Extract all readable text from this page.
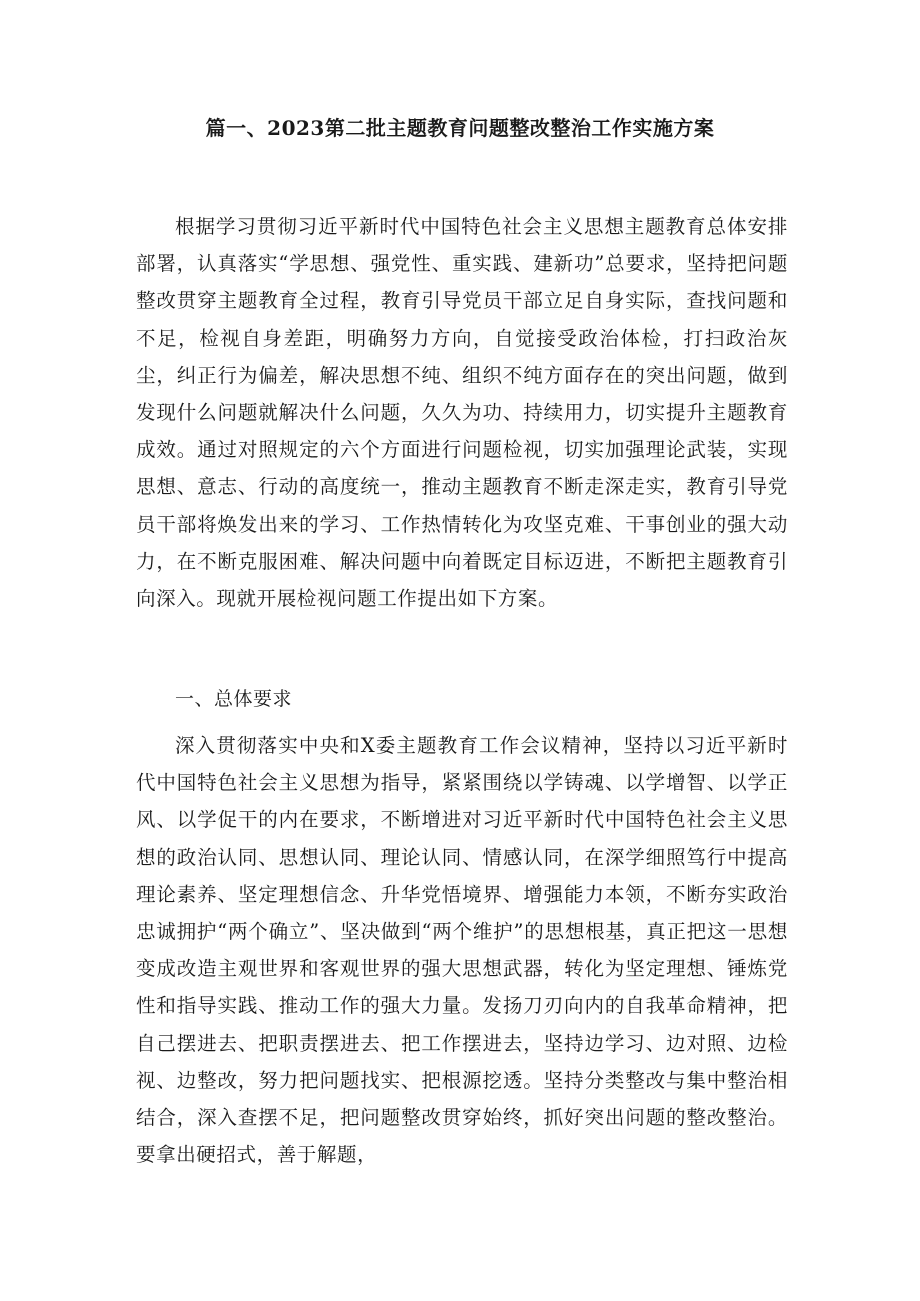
篇一、2023第二批主题教育问题整改整治工作实施方案

根据学习贯彻习近平新时代中国特色社会主义思想主题教育总体安排部署，认真落实“学思想、强党性、重实践、建新功”总要求，坚持把问题整改贯穿主题教育全过程，教育引导党员干部立足自身实际，查找问题和不足，检视自身差距，明确努力方向，自觉接受政治体检，打扫政治灰尘，纠正行为偏差，解决思想不纯、组织不纯方面存在的突出问题，做到发现什么问题就解决什么问题，久久为功、持续用力，切实提升主题教育成效。通过对照规定的六个方面进行问题检视，切实加强理论武装，实现思想、意志、行动的高度统一，推动主题教育不断走深走实，教育引导党员干部将焕发出来的学习、工作热情转化为攻坚克难、干事创业的强大动力，在不断克服困难、解决问题中向着既定目标迈进，不断把主题教育引向深入。现就开展检视问题工作提出如下方案。

一、总体要求

深入贯彻落实中央和X委主题教育工作会议精神，坚持以习近平新时代中国特色社会主义思想为指导，紧紧围绕以学铸魂、以学增智、以学正风、以学促干的内在要求，不断增进对习近平新时代中国特色社会主义思想的政治认同、思想认同、理论认同、情感认同，在深学细照笃行中提高理论素养、坚定理想信念、升华党悟境界、增强能力本领，不断夯实政治忠诚拥护“两个确立”、坚决做到“两个维护”的思想根基，真正把这一思想变成改造主观世界和客观世界的强大思想武器，转化为坚定理想、锤炼党性和指导实践、推动工作的强大力量。发扬刀刃向内的自我革命精神，把自己摆进去、把职责摆进去、把工作摆进去，坚持边学习、边对照、边检视、边整改，努力把问题找实、把根源挖透。坚持分类整改与集中整治相结合，深入查摆不足，把问题整改贯穿始终，抓好突出问题的整改整治。要拿出硬招式，善于解题，
